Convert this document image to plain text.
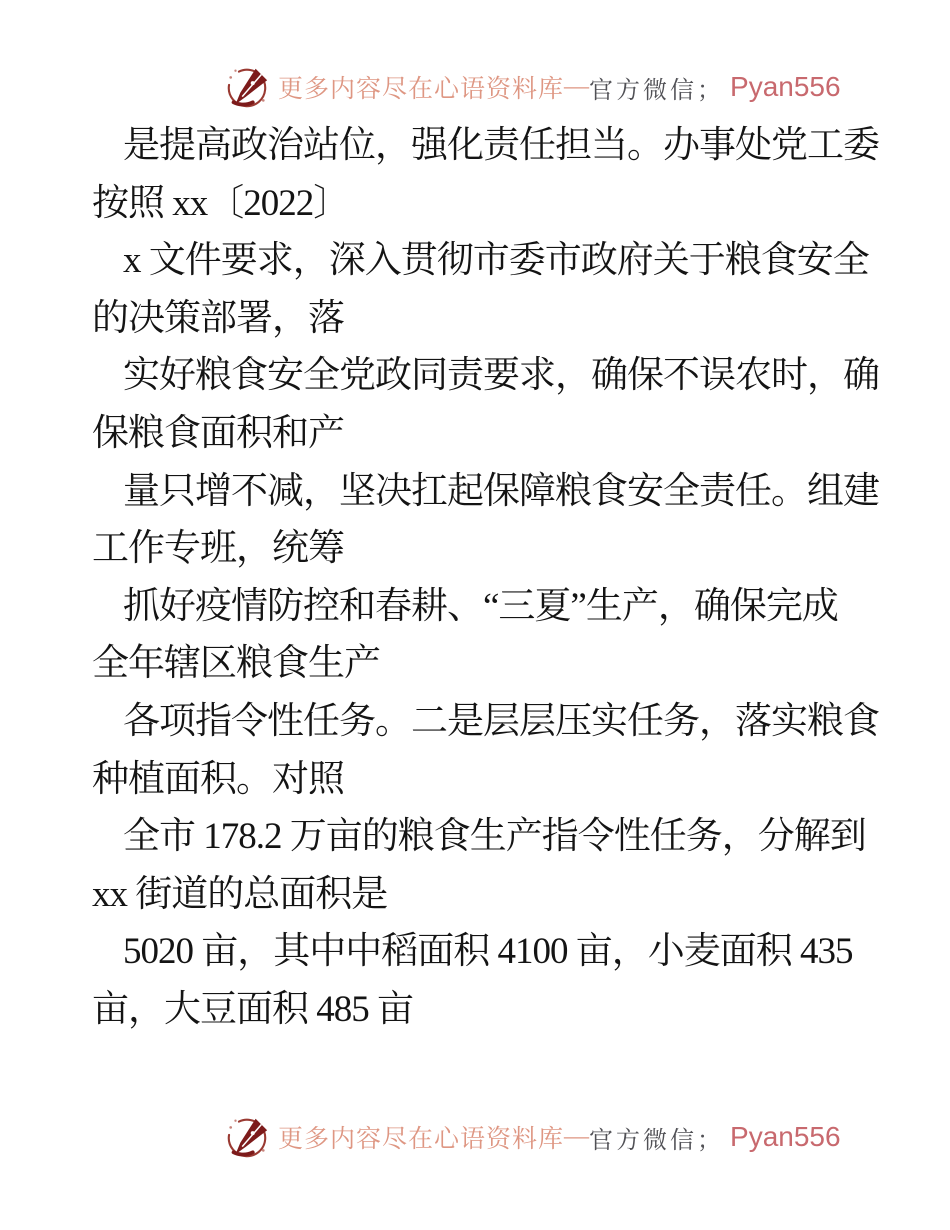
更多内容尽在心语资料库 — 官方微信； Pyan556

是提高政治站位，强化责任担当。办事处党工委

按照 xx〔2022〕

x 文件要求，深入贯彻市委市政府关于粮食安全

的决策部署，落

实好粮食安全党政同责要求，确保不误农时，确

保粮食面积和产

量只增不减，坚决扛起保障粮食安全责任。组建

工作专班，统筹

抓好疫情防控和春耕、“三夏”生产，确保完成

全年辖区粮食生产

各项指令性任务。二是层层压实任务，落实粮食

种植面积。对照

全市 178.2 万亩的粮食生产指令性任务，分解到

xx 街道的总面积是

5020 亩，其中中稻面积 4100 亩，小麦面积 435

亩，大豆面积 485 亩

更多内容尽在心语资料库 — 官方微信； Pyan556
